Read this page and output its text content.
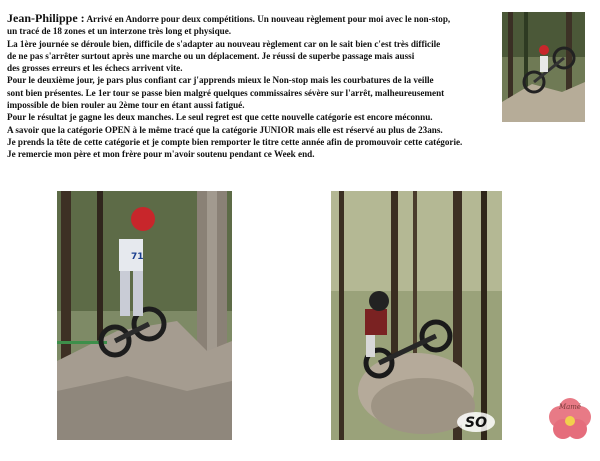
Jean-Philippe : Arrivé en Andorre pour deux compétitions. Un nouveau règlement pour moi avec le non-stop,

un tracé de 18 zones et un interzone très long et physique.

La 1ère journée se déroule bien, difficile de s'adapter au nouveau règlement car on le sait bien c'est très difficile

de ne pas s'arrêter surtout après une marche ou un déplacement. Je réussi de superbe passage mais aussi

des grosses erreurs et les échecs arrivent vite.

Pour le deuxième jour, je pars plus confiant car j'apprends mieux le Non-stop mais les courbatures de la veille

sont bien présentes. Le 1er tour se passe bien malgré quelques commissaires sévère sur l'arrêt, malheureusement

impossible de bien rouler au 2ème tour en étant aussi fatigué.

Pour le résultat je gagne les deux manches. Le seul regret est que cette nouvelle catégorie est encore méconnu.

A savoir que la catégorie OPEN à le même tracé que la catégorie JUNIOR mais elle est réservé au plus de 23ans.

Je prends la tête de cette catégorie et je compte bien remporter le titre cette année afin de promouvoir cette catégorie.

Je remercie mon père et mon frère pour m'avoir soutenu pendant ce Week end.

71
SO
Mamé
